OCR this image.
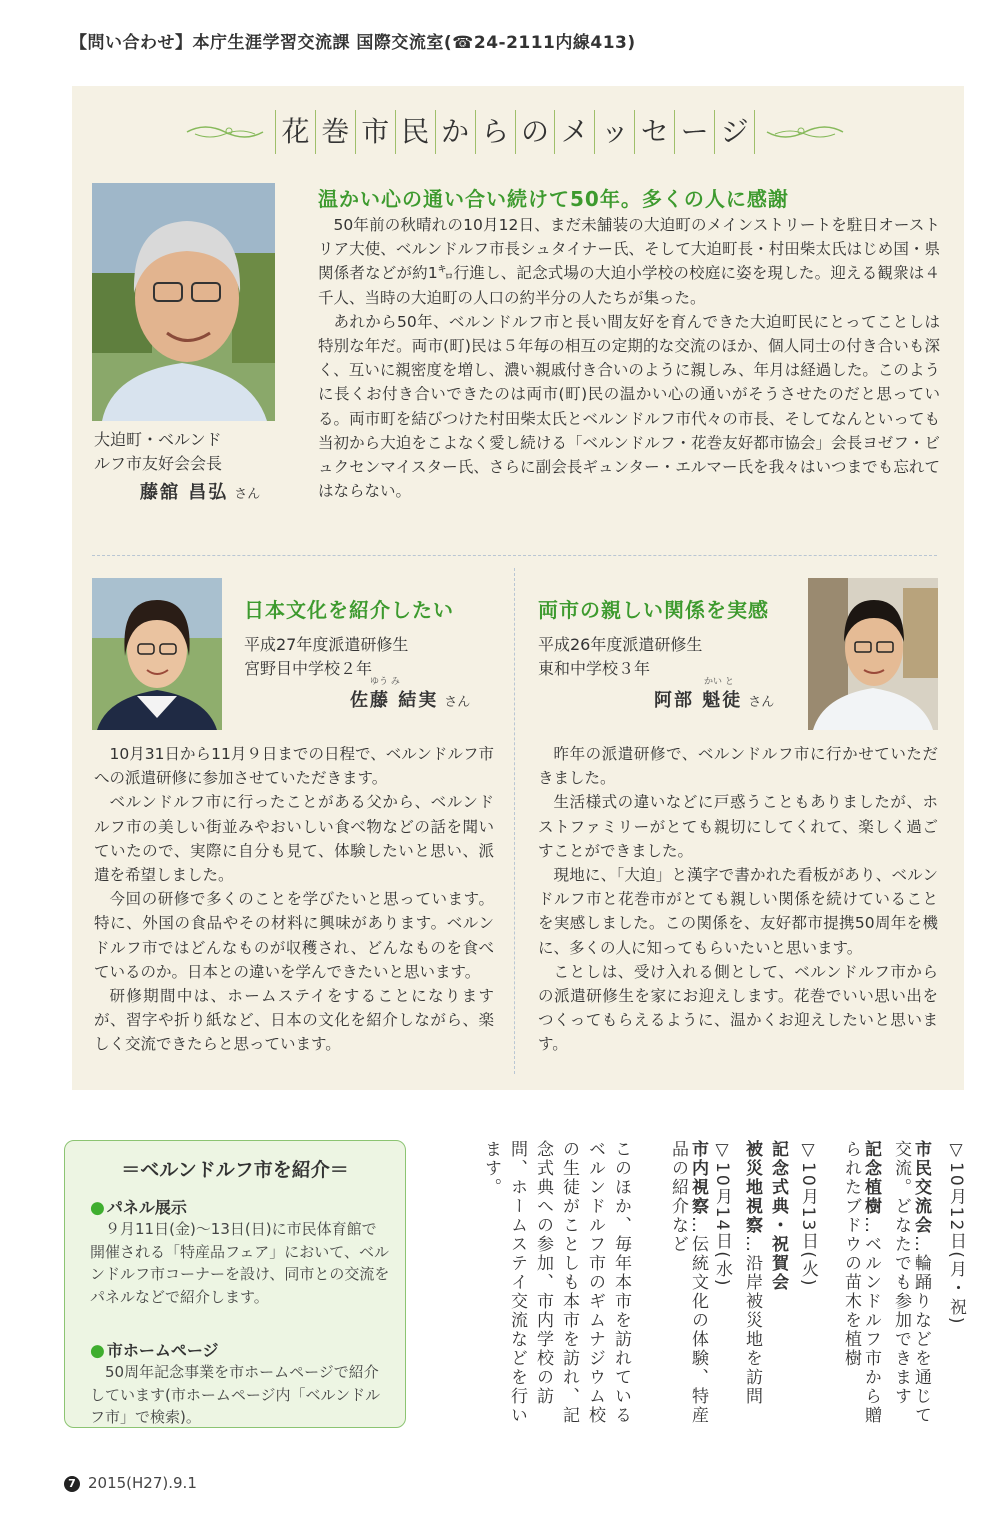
【問い合わせ】本庁生涯学習交流課 国際交流室(☎24-2111内線413)
花 巻 市 民 か ら の メ ッ セ ー ジ
大迫町・ベルンド
ルフ市友好会会長
藤舘 昌弘 さん
温かい心の通い合い続けて50年。多くの人に感謝

50年前の秋晴れの10月12日、まだ未舗装の大迫町のメインストリートを駐日オーストリア大使、ベルンドルフ市長シュタイナー氏、そして大迫町長・村田柴太氏はじめ国・県関係者などが約1㌔行進し、記念式場の大迫小学校の校庭に姿を現した。迎える観衆は４千人、当時の大迫町の人口の約半分の人たちが集った。

あれから50年、ベルンドルフ市と長い間友好を育んできた大迫町民にとってことしは特別な年だ。両市(町)民は５年毎の相互の定期的な交流のほか、個人同士の付き合いも深く、互いに親密度を増し、濃い親戚付き合いのように親しみ、年月は経過した。このように長くお付き合いできたのは両市(町)民の温かい心の通いがそうさせたのだと思っている。両市町を結びつけた村田柴太氏とベルンドルフ市代々の市長、そしてなんといっても当初から大迫をこよなく愛し続ける「ベルンドルフ・花巻友好都市協会」会長ヨゼフ・ビュクセンマイスター氏、さらに副会長ギュンター・エルマー氏を我々はいつまでも忘れてはならない。

日本文化を紹介したい
平成27年度派遣研修生
宮野目中学校２年
ゆう み
佐藤 結実 さん

10月31日から11月９日までの日程で、ベルンドルフ市への派遣研修に参加させていただきます。

ベルンドルフ市に行ったことがある父から、ベルンドルフ市の美しい街並みやおいしい食べ物などの話を聞いていたので、実際に自分も見て、体験したいと思い、派遣を希望しました。

今回の研修で多くのことを学びたいと思っています。特に、外国の食品やその材料に興味があります。ベルンドルフ市ではどんなものが収穫され、どんなものを食べているのか。日本との違いを学んできたいと思います。

研修期間中は、ホームステイをすることになりますが、習字や折り紙など、日本の文化を紹介しながら、楽しく交流できたらと思っています。

両市の親しい関係を実感
平成26年度派遣研修生
東和中学校３年
かい と
阿部 魁徒 さん

昨年の派遣研修で、ベルンドルフ市に行かせていただきました。

生活様式の違いなどに戸惑うこともありましたが、ホストファミリーがとても親切にしてくれて、楽しく過ごすことができました。

現地に、「大迫」と漢字で書かれた看板があり、ベルンドルフ市と花巻市がとても親しい関係を続けていることを実感しました。この関係を、友好都市提携50周年を機に、多くの人に知ってもらいたいと思います。

ことしは、受け入れる側として、ベルンドルフ市からの派遣研修生を家にお迎えします。花巻でいい思い出をつくってもらえるように、温かくお迎えしたいと思います。

＝ベルンドルフ市を紹介＝
● パネル展示
９月11日(金)～13日(日)に市民体育館で開催される「特産品フェア」において、ベルンドルフ市コーナーを設け、同市との交流をパネルなどで紹介します。
● 市ホームページ
50周年記念事業を市ホームページで紹介しています(市ホームページ内「ベルンドルフ市」で検索)。
▽10月12日(月・祝)
市民交流会…輪踊りなどを通じて交流。どなたでも参加できます
記念植樹…ベルンドルフ市から贈られたブドウの苗木を植樹
▽10月13日(火)
記念式典・祝賀会
被災地視察…沿岸被災地を訪問
▽10月14日(水)
市内視察…伝統文化の体験、特産品の紹介など
このほか、毎年本市を訪れているベルンドルフ市のギムナジウム校の生徒がことしも本市を訪れ、記念式典への参加、市内学校の訪問、ホームステイ交流などを行います。
7 2015(H27).9.1
